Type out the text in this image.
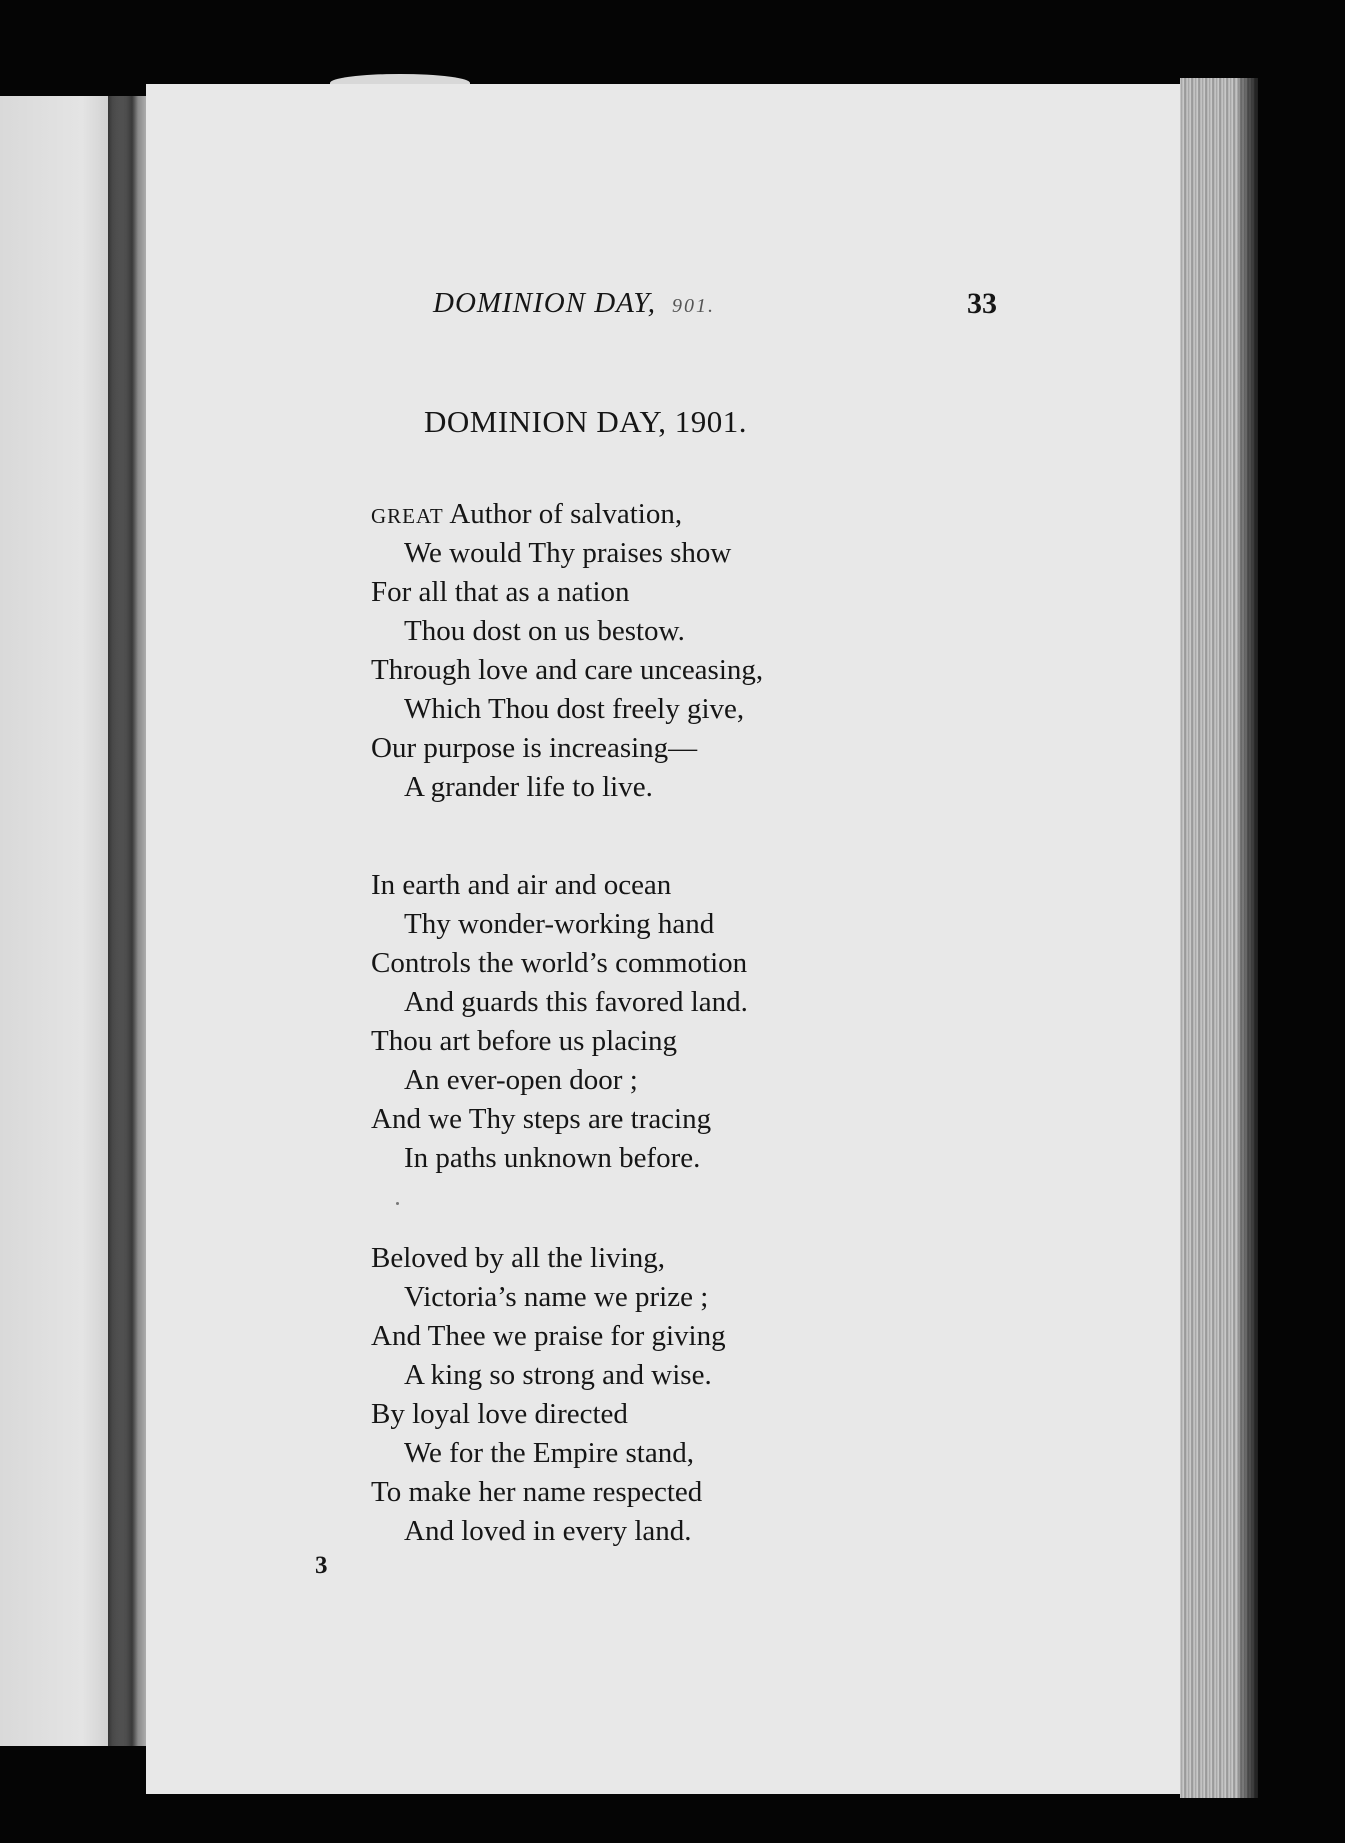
DOMINION DAY, 901.	33
DOMINION DAY, 1901.
GREAT Author of salvation,
We would Thy praises show
For all that as a nation
Thou dost on us bestow.
Through love and care unceasing,
Which Thou dost freely give,
Our purpose is increasing—
A grander life to live.
In earth and air and ocean
Thy wonder-working hand
Controls the world’s commotion
And guards this favored land.
Thou art before us placing
An ever-open door ;
And we Thy steps are tracing
In paths unknown before.
Beloved by all the living,
Victoria’s name we prize ;
And Thee we praise for giving
A king so strong and wise.
By loyal love directed
We for the Empire stand,
To make her name respected
And loved in every land.
3
